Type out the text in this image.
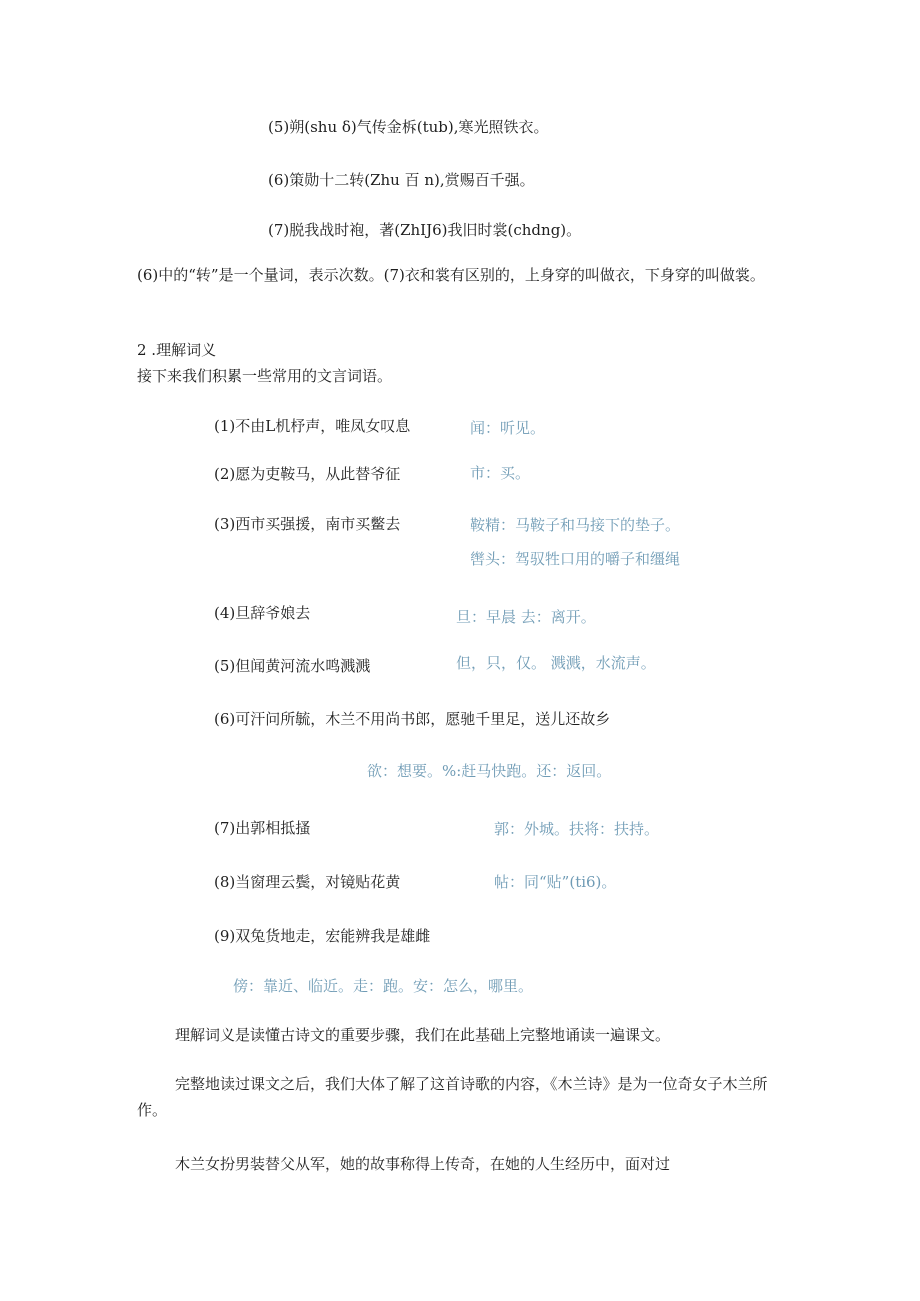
(5)朔(shu δ)气传金柝(tub),寒光照铁衣。
(6)策勋十二转(Zhu 百 n),赏赐百千强。
(7)脱我战时袍，著(ZhIJ6)我旧时裳(chdng)。
(6)中的“转”是一个量词，表示次数。(7)衣和裳有区别的，上身穿的叫做衣，下身穿的叫做裳。
2 .理解词义
接下来我们积累一些常用的文言词语。
(1)不由L机杼声，唯凤女叹息	闻：听见。
(2)愿为吏鞍马，从此替爷征	市：买。
(3)西市买强援，南市买鳖去	鞍精：马鞍子和马接下的垫子。
辔头：驾驭牲口用的嚼子和缰绳
(4)旦辞爷娘去	旦：早晨 去：离开。
(5)但闻黄河流水鸣溅溅	但，只，仅。 溅溅，水流声。
(6)可汗问所毓，木兰不用尚书郎，愿驰千里足，送儿还故乡
欲：想要。%:赶马快跑。还：返回。
(7)出郭相抵搔	郭：外城。扶将：扶持。
(8)当窗理云鬓，对镜贴花黄	帖：同“贴”(ti6)。
(9)双兔货地走，宏能辨我是雄雌
傍：靠近、临近。走：跑。安：怎么，哪里。
理解词义是读懂古诗文的重要步骤，我们在此基础上完整地诵读一遍课文。
完整地读过课文之后，我们大体了解了这首诗歌的内容，《木兰诗》是为一位奇女子木兰所作。
木兰女扮男装替父从军，她的故事称得上传奇，在她的人生经历中，面对过
